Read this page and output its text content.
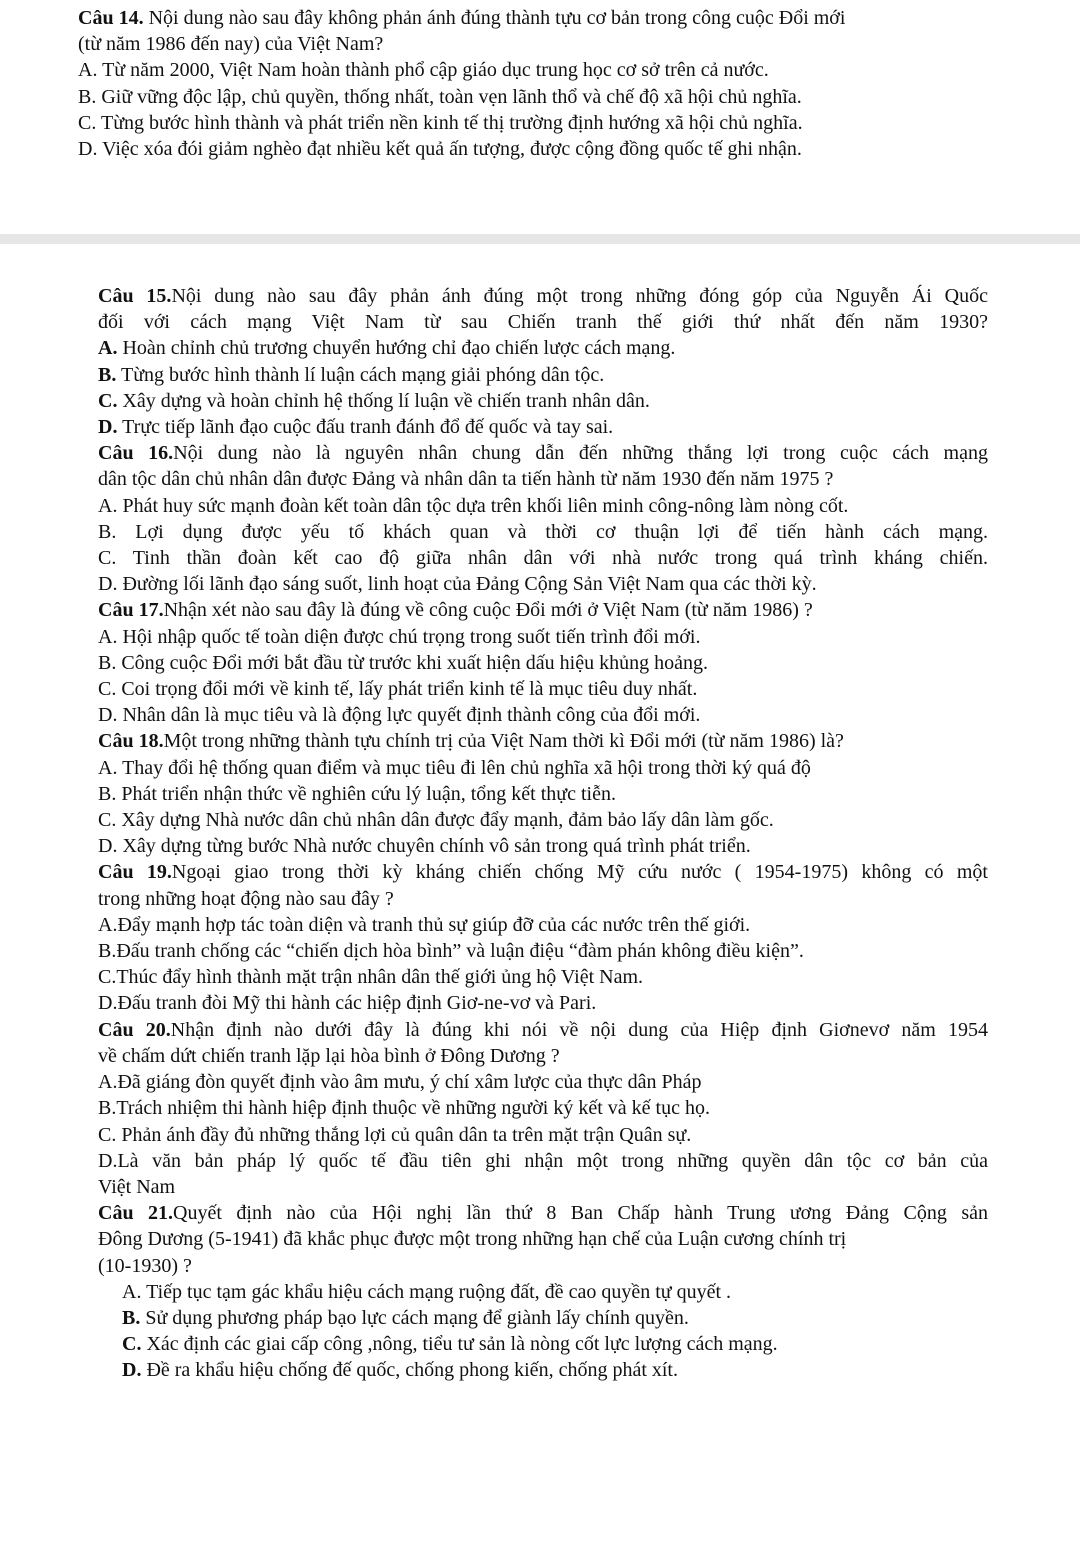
Câu 14. Nội dung nào sau đây không phản ánh đúng thành tựu cơ bản trong công cuộc Đổi mới
(từ năm 1986 đến nay) của Việt Nam?
A. Từ năm 2000, Việt Nam hoàn thành phổ cập giáo dục trung học cơ sở trên cả nước.
B. Giữ vững độc lập, chủ quyền, thống nhất, toàn vẹn lãnh thổ và chế độ xã hội chủ nghĩa.
C. Từng bước hình thành và phát triển nền kinh tế thị trường định hướng xã hội chủ nghĩa.
D. Việc xóa đói giảm nghèo đạt nhiều kết quả ấn tượng, được cộng đồng quốc tế ghi nhận.
Câu 15.Nội dung nào sau đây phản ánh đúng một trong những đóng góp của Nguyễn Ái Quốc
đối với cách mạng Việt Nam từ sau Chiến tranh thế giới thứ nhất đến năm 1930?
A. Hoàn chỉnh chủ trương chuyển hướng chỉ đạo chiến lược cách mạng.
B. Từng bước hình thành lí luận cách mạng giải phóng dân tộc.
C. Xây dựng và hoàn chỉnh hệ thống lí luận về chiến tranh nhân dân.
D. Trực tiếp lãnh đạo cuộc đấu tranh đánh đổ đế quốc và tay sai.
Câu 16.Nội dung nào là nguyên nhân chung dẫn đến những thắng lợi trong cuộc cách mạng
dân tộc dân chủ nhân dân được Đảng và nhân dân ta tiến hành từ năm 1930 đến năm 1975 ?
A. Phát huy sức mạnh đoàn kết toàn dân tộc dựa trên khối liên minh công-nông làm nòng cốt.
B. Lợi dụng được yếu tố khách quan và thời cơ thuận lợi để tiến hành cách mạng.
C. Tinh thần đoàn kết cao độ giữa nhân dân với nhà nước trong quá trình kháng chiến.
D. Đường lối lãnh đạo sáng suốt, linh hoạt của Đảng Cộng Sản Việt Nam qua các thời kỳ.
Câu 17.Nhận xét nào sau đây là đúng về công cuộc Đổi mới ở Việt Nam (từ năm 1986) ?
A. Hội nhập quốc tế toàn diện được chú trọng trong suốt tiến trình đổi mới.
B. Công cuộc Đổi mới bắt đầu từ trước khi xuất hiện dấu hiệu khủng hoảng.
C. Coi trọng đổi mới về kinh tế, lấy phát triển kinh tế là mục tiêu duy nhất.
D. Nhân dân là mục tiêu và là động lực quyết định thành công của đổi mới.
Câu 18.Một trong những thành tựu chính trị của Việt Nam thời kì Đổi mới (từ năm 1986) là?
A. Thay đổi hệ thống quan điểm và mục tiêu đi lên chủ nghĩa xã hội trong thời ký quá độ
B. Phát triển nhận thức về nghiên cứu lý luận, tổng kết thực tiễn.
C. Xây dựng Nhà nước dân chủ nhân dân được đẩy mạnh, đảm bảo lấy dân làm gốc.
D. Xây dựng từng bước Nhà nước chuyên chính vô sản trong quá trình phát triển.
Câu 19.Ngoại giao trong thời kỳ kháng chiến chống Mỹ cứu nước ( 1954-1975) không có một
trong những hoạt động nào sau đây ?
A.Đẩy mạnh hợp tác toàn diện và tranh thủ sự giúp đỡ của các nước trên thế giới.
B.Đấu tranh chống các “chiến dịch hòa bình” và luận điệu “đàm phán không điều kiện”.
C.Thúc đẩy hình thành mặt trận nhân dân thế giới ủng hộ Việt Nam.
D.Đấu tranh đòi Mỹ thi hành các hiệp định Giơ-ne-vơ và Pari.
Câu 20.Nhận định nào dưới đây là đúng khi nói về nội dung của Hiệp định Giơnevơ năm 1954
về chấm dứt chiến tranh lặp lại hòa bình ở Đông Dương ?
A.Đã giáng đòn quyết định vào âm mưu, ý chí xâm lược của thực dân Pháp
B.Trách nhiệm thi hành hiệp định thuộc về những người ký kết và kế tục họ.
C. Phản ánh đầy đủ những thắng lợi củ quân dân ta trên mặt trận Quân sự.
D.Là văn bản pháp lý quốc tế đầu tiên ghi nhận một trong những quyền dân tộc cơ bản của
Việt Nam
Câu 21.Quyết định nào của Hội nghị lần thứ 8 Ban Chấp hành Trung ương Đảng Cộng sản
Đông Dương (5-1941) đã khắc phục được một trong những hạn chế của Luận cương chính trị
(10-1930) ?
A. Tiếp tục tạm gác khẩu hiệu cách mạng ruộng đất, đề cao quyền tự quyết .
B. Sử dụng phương pháp bạo lực cách mạng để giành lấy chính quyền.
C. Xác định các giai cấp công ,nông, tiểu tư sản là nòng cốt lực lượng cách mạng.
D. Đề ra khẩu hiệu chống đế quốc, chống phong kiến, chống phát xít.
